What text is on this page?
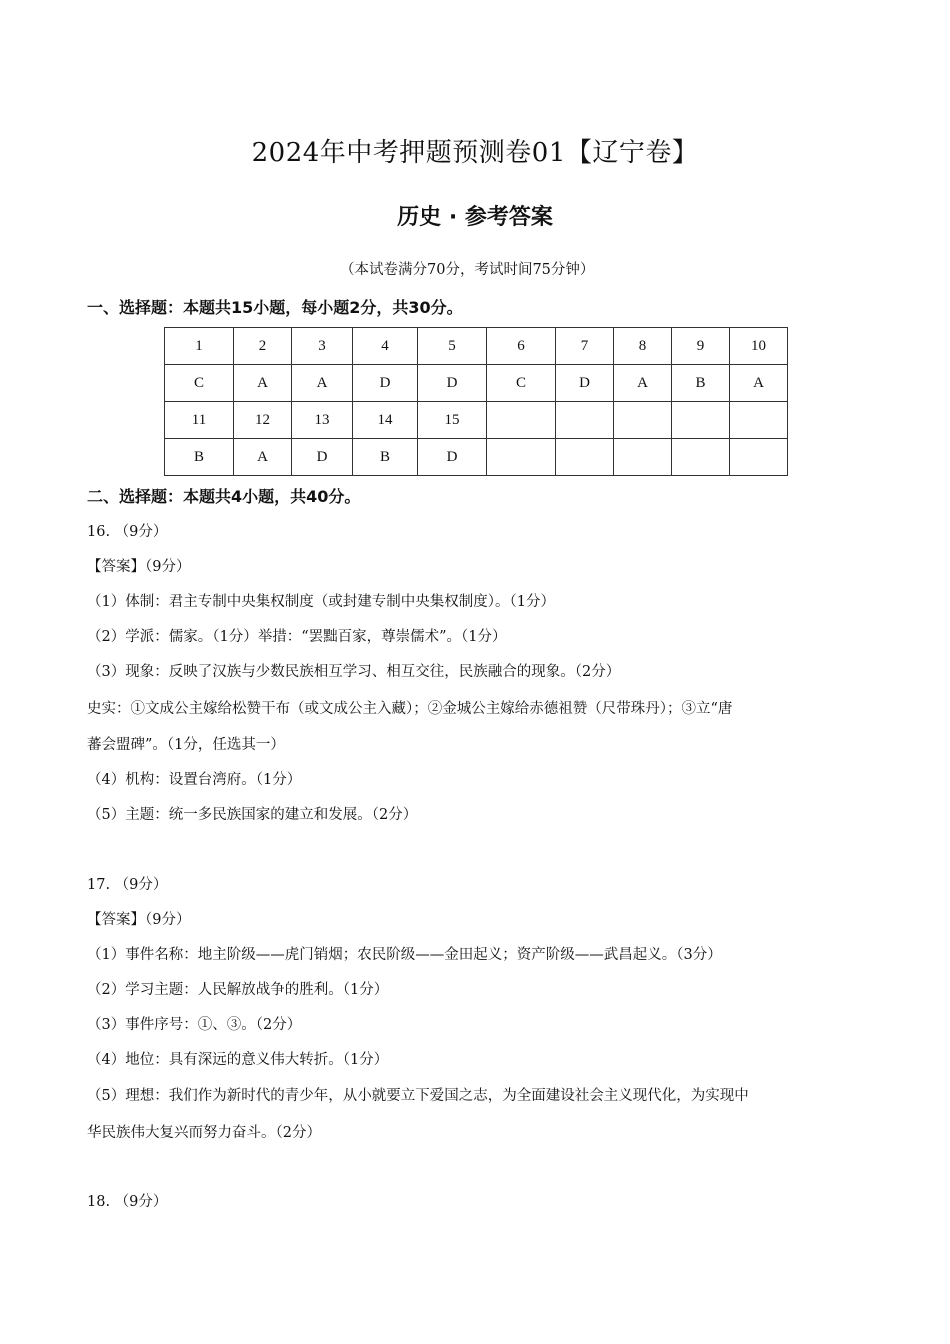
2024年中考押题预测卷01【辽宁卷】
历史 · 参考答案
（本试卷满分70分，考试时间75分钟）
一、选择题：本题共15小题，每小题2分，共30分。
1	2	3	4	5	6	7	8	9	10
C	A	A	D	D	C	D	A	B	A
11	12	13	14	15					
B	A	D	B	D					
二、选择题：本题共4小题，共40分。
16. （9分）
【答案】（9分）
（1）体制：君主专制中央集权制度（或封建专制中央集权制度）。（1分）
（2）学派：儒家。（1分）举措：“罢黜百家，尊崇儒术”。（1分）
（3）现象：反映了汉族与少数民族相互学习、相互交往，民族融合的现象。（2分）
史实：①文成公主嫁给松赞干布（或文成公主入藏）；②金城公主嫁给赤德祖赞（尺带珠丹）；③立“唐
蕃会盟碑”。（1分，任选其一）
（4）机构：设置台湾府。（1分）
（5）主题：统一多民族国家的建立和发展。（2分）
17. （9分）
【答案】（9分）
（1）事件名称：地主阶级——虎门销烟；农民阶级——金田起义；资产阶级——武昌起义。（3分）
（2）学习主题：人民解放战争的胜利。（1分）
（3）事件序号：①、③。（2分）
（4）地位：具有深远的意义伟大转折。（1分）
（5）理想：我们作为新时代的青少年，从小就要立下爱国之志，为全面建设社会主义现代化，为实现中
华民族伟大复兴而努力奋斗。（2分）
18. （9分）
